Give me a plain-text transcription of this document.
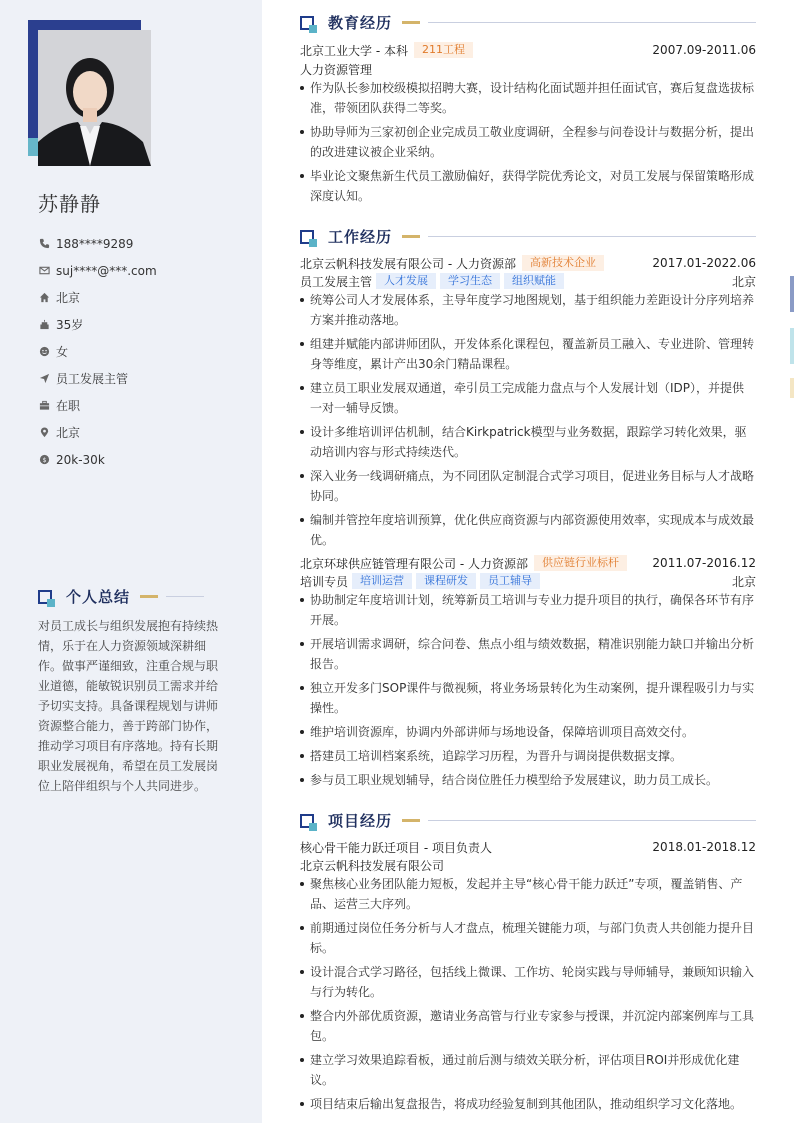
苏静静
188****9289
suj****@***.com
北京
35岁
女
员工发展主管
在职
北京
$ 20k-30k
个人总结

对员工成长与组织发展抱有持续热情，乐于在人力资源领域深耕细作。做事严谨细致，注重合规与职业道德，能敏锐识别员工需求并给予切实支持。具备课程规划与讲师资源整合能力，善于跨部门协作，推动学习项目有序落地。持有长期职业发展视角，希望在员工发展岗位上陪伴组织与个人共同进步。

教育经历
北京工业大学 - 本科	211工程	2007.09-2011.06
人力资源管理
作为队长参加校级模拟招聘大赛，设计结构化面试题并担任面试官，赛后复盘选拔标准，带领团队获得二等奖。
协助导师为三家初创企业完成员工敬业度调研，全程参与问卷设计与数据分析，提出的改进建议被企业采纳。
毕业论文聚焦新生代员工激励偏好，获得学院优秀论文，对员工发展与保留策略形成深度认知。
工作经历
北京云帆科技发展有限公司 - 人力资源部	高新技术企业	2017.01-2022.06
员工发展主管	人才发展	学习生态	组织赋能	北京
统筹公司人才发展体系，主导年度学习地图规划，基于组织能力差距设计分序列培养方案并推动落地。
组建并赋能内部讲师团队，开发体系化课程包，覆盖新员工融入、专业进阶、管理转身等维度，累计产出30余门精品课程。
建立员工职业发展双通道，牵引员工完成能力盘点与个人发展计划（IDP），并提供一对一辅导反馈。
设计多维培训评估机制，结合Kirkpatrick模型与业务数据，跟踪学习转化效果，驱动培训内容与形式持续迭代。
深入业务一线调研痛点，为不同团队定制混合式学习项目，促进业务目标与人才战略协同。
编制并管控年度培训预算，优化供应商资源与内部资源使用效率，实现成本与成效最优。
北京环球供应链管理有限公司 - 人力资源部	供应链行业标杆	2011.07-2016.12
培训专员	培训运营	课程研发	员工辅导	北京
协助制定年度培训计划，统筹新员工培训与专业力提升项目的执行，确保各环节有序开展。
开展培训需求调研，综合问卷、焦点小组与绩效数据，精准识别能力缺口并输出分析报告。
独立开发多门SOP课件与微视频，将业务场景转化为生动案例，提升课程吸引力与实操性。
维护培训资源库，协调内外部讲师与场地设备，保障培训项目高效交付。
搭建员工培训档案系统，追踪学习历程，为晋升与调岗提供数据支撑。
参与员工职业规划辅导，结合岗位胜任力模型给予发展建议，助力员工成长。
项目经历
核心骨干能力跃迁项目 - 项目负责人	2018.01-2018.12
北京云帆科技发展有限公司
聚焦核心业务团队能力短板，发起并主导“核心骨干能力跃迁”专项，覆盖销售、产品、运营三大序列。
前期通过岗位任务分析与人才盘点，梳理关键能力项，与部门负责人共创能力提升目标。
设计混合式学习路径，包括线上微课、工作坊、轮岗实践与导师辅导，兼顾知识输入与行为转化。
整合内外部优质资源，邀请业务高管与行业专家参与授课，并沉淀内部案例库与工具包。
建立学习效果追踪看板，通过前后测与绩效关联分析，评估项目ROI并形成优化建议。
项目结束后输出复盘报告，将成功经验复制到其他团队，推动组织学习文化落地。
